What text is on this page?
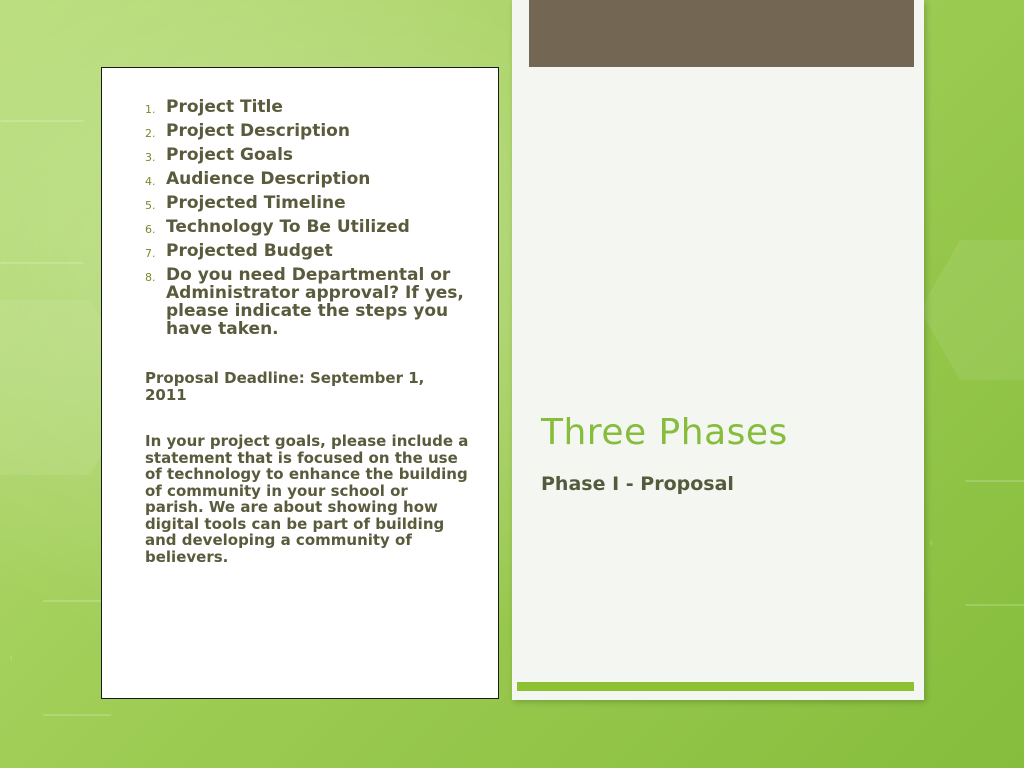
1. Project Title
2. Project Description
3. Project Goals
4. Audience Description
5. Projected Timeline
6. Technology To Be Utilized
7. Projected Budget
8. Do you need Departmental or Administrator approval? If yes, please indicate the steps you have taken.
Proposal Deadline: September 1, 2011
In your project goals, please include a statement that is focused on the use of technology to enhance the building of community in your school or parish. We are about showing how digital tools can be part of building and developing a community of believers.
Three Phases

Phase I - Proposal
